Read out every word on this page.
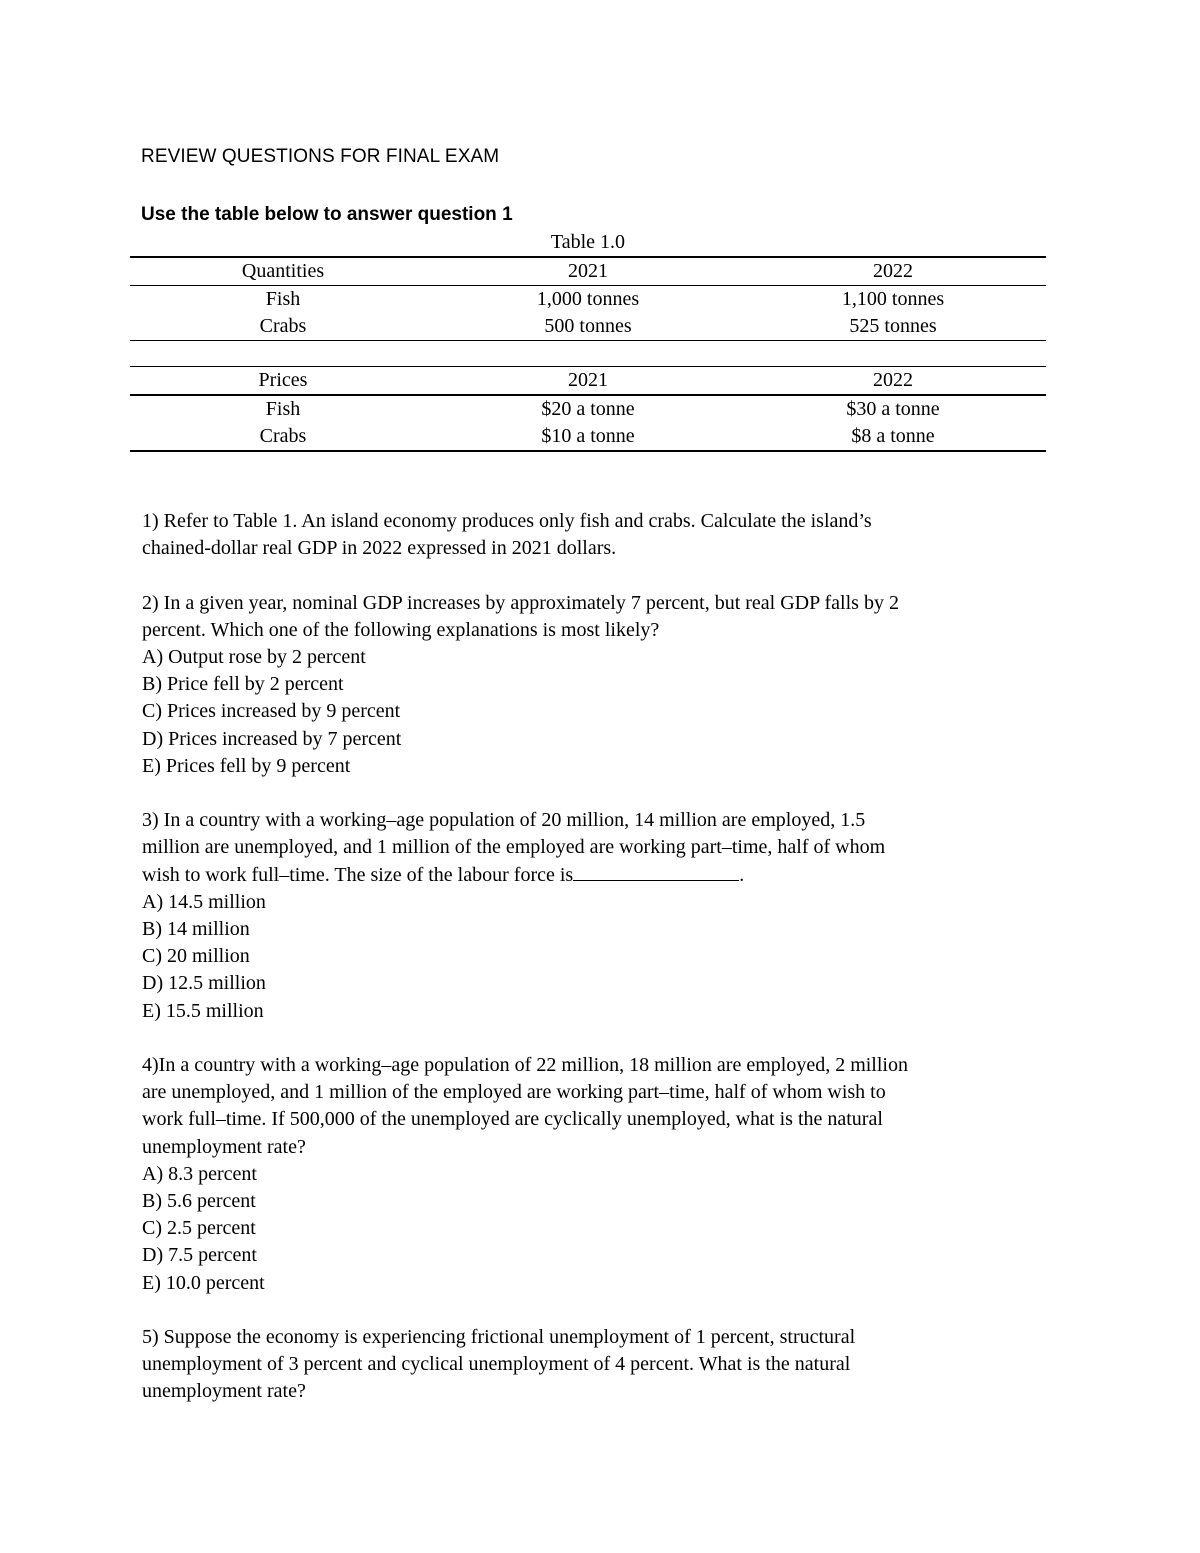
REVIEW QUESTIONS FOR FINAL EXAM
Use the table below to answer question 1
Table 1.0
Quantities	2021	2022
Fish	1,000 tonnes	1,100 tonnes
Crabs	500 tonnes	525 tonnes
Prices	2021	2022
Fish	$20 a tonne	$30 a tonne
Crabs	$10 a tonne	$8 a tonne
1) Refer to Table 1. An island economy produces only fish and crabs. Calculate the island’s
chained-dollar real GDP in 2022 expressed in 2021 dollars.
2) In a given year, nominal GDP increases by approximately 7 percent, but real GDP falls by 2
percent. Which one of the following explanations is most likely?
A) Output rose by 2 percent
B) Price fell by 2 percent
C) Prices increased by 9 percent
D) Prices increased by 7 percent
E) Prices fell by 9 percent
3) In a country with a working–age population of 20 million, 14 million are employed, 1.5
million are unemployed, and 1 million of the employed are working part–time, half of whom
wish to work full–time. The size of the labour force is	.
A) 14.5 million
B) 14 million
C) 20 million
D) 12.5 million
E) 15.5 million
4)In a country with a working–age population of 22 million, 18 million are employed, 2 million
are unemployed, and 1 million of the employed are working part–time, half of whom wish to
work full–time. If 500,000 of the unemployed are cyclically unemployed, what is the natural
unemployment rate?
A) 8.3 percent
B) 5.6 percent
C) 2.5 percent
D) 7.5 percent
E) 10.0 percent
5) Suppose the economy is experiencing frictional unemployment of 1 percent, structural
unemployment of 3 percent and cyclical unemployment of 4 percent. What is the natural
unemployment rate?
